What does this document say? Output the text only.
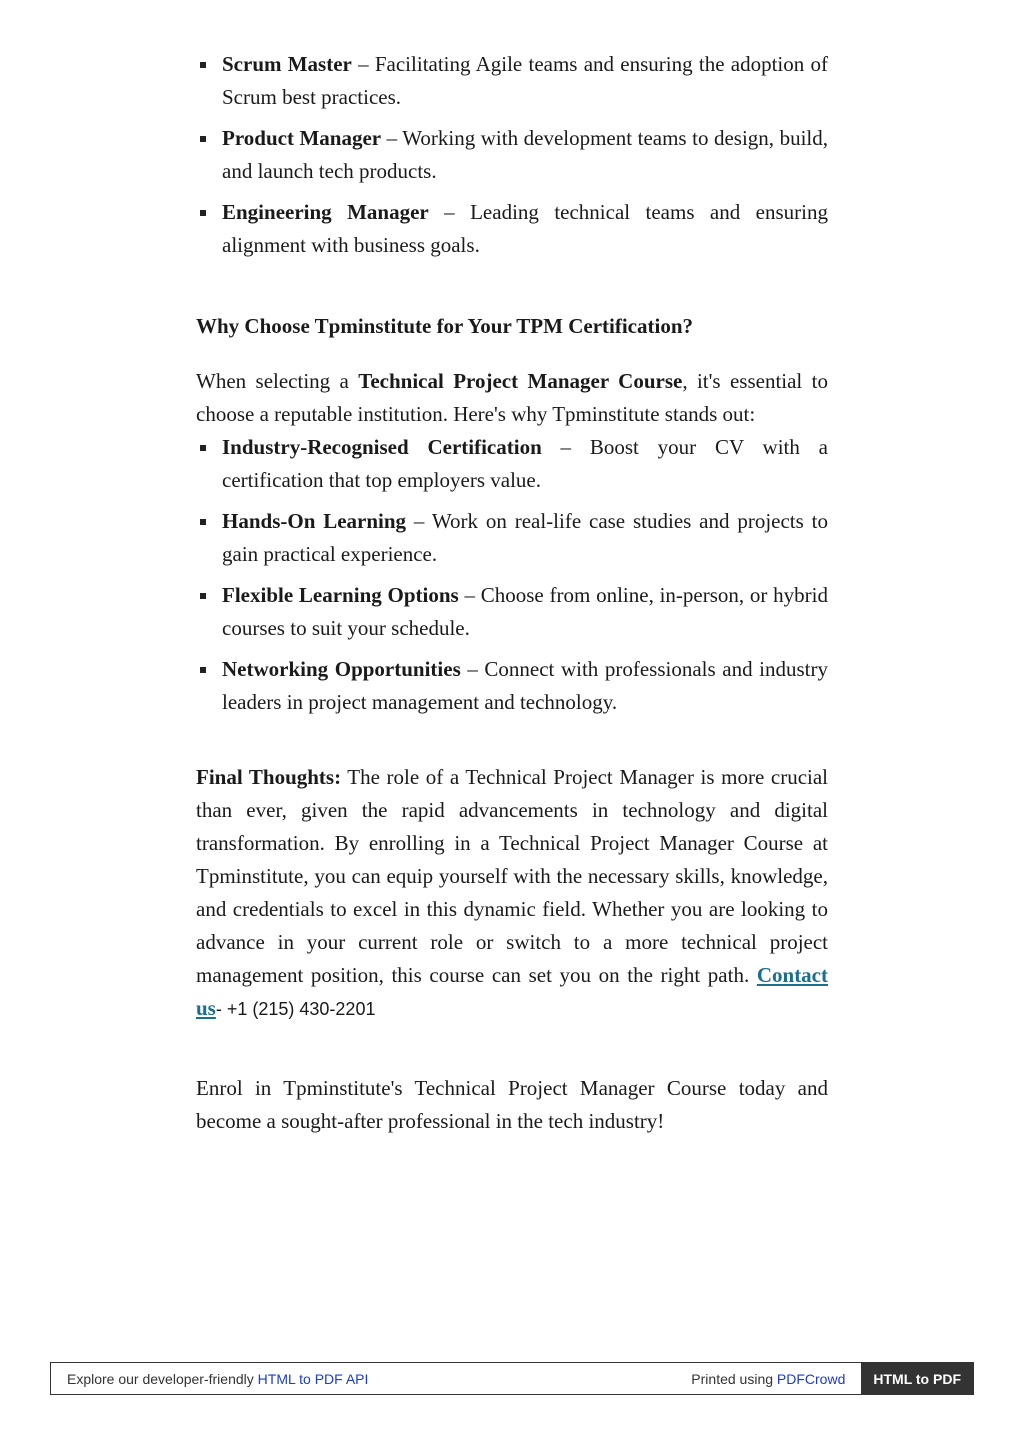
Scrum Master – Facilitating Agile teams and ensuring the adoption of Scrum best practices.
Product Manager – Working with development teams to design, build, and launch tech products.
Engineering Manager – Leading technical teams and ensuring alignment with business goals.
Why Choose Tpminstitute for Your TPM Certification?

When selecting a Technical Project Manager Course, it's essential to choose a reputable institution. Here's why Tpminstitute stands out:

Industry-Recognised Certification – Boost your CV with a certification that top employers value.
Hands-On Learning – Work on real-life case studies and projects to gain practical experience.
Flexible Learning Options – Choose from online, in-person, or hybrid courses to suit your schedule.
Networking Opportunities – Connect with professionals and industry leaders in project management and technology.

Final Thoughts: The role of a Technical Project Manager is more crucial than ever, given the rapid advancements in technology and digital transformation. By enrolling in a Technical Project Manager Course at Tpminstitute, you can equip yourself with the necessary skills, knowledge, and credentials to excel in this dynamic field. Whether you are looking to advance in your current role or switch to a more technical project management position, this course can set you on the right path. Contact us- +1 (215) 430-2201

Enrol in Tpminstitute's Technical Project Manager Course today and become a sought-after professional in the tech industry!

Explore our developer-friendly HTML to PDF API	Printed using PDFCrowd	HTML to PDF
